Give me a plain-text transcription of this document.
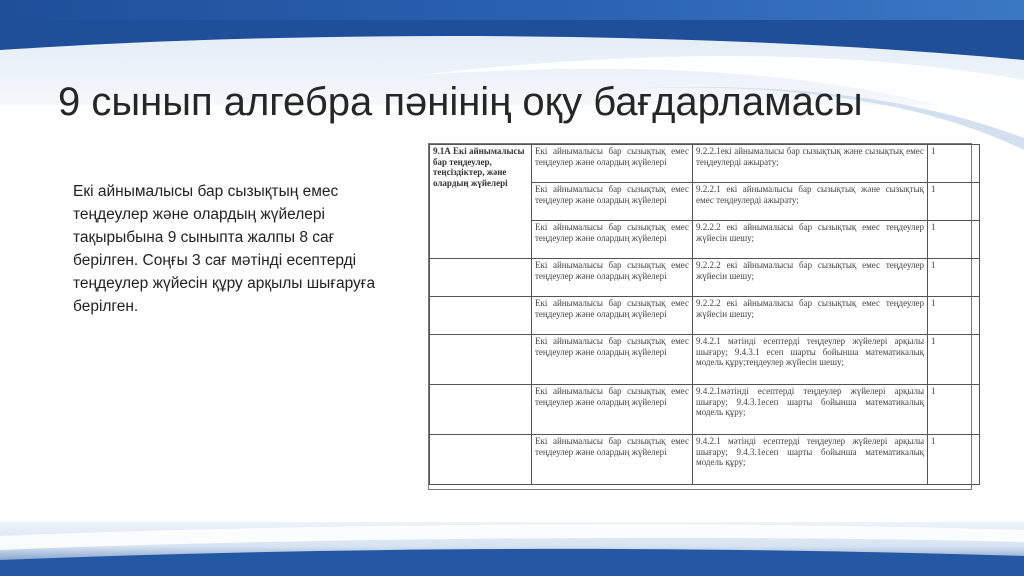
9 сынып алгебра пәнінің оқу бағдарламасы
Екі айнымалысы бар сызықтың емес теңдеулер және олардың жүйелері тақырыбына 9 сыныпта жалпы 8 сағ берілген. Соңғы 3 сағ мәтінді есептерді теңдеулер жүйесін құру арқылы шығаруға берілген.
9.1А Екі айнымалысы бар теңдеулер, теңсіздіктер, және олардың жүйелері	Екі айнымалысы бар сызықтық емес теңдеулер және олардың жүйелері	9.2.2.1екі айнымалысы бар сызықтық және сызықтық емес теңдеулерді ажырату;	1
	Екі айнымалысы бар сызықтық емес теңдеулер және олардың жүйелері	9.2.2.1 екі айнымалысы бар сызықтық және сызықтық емес теңдеулерді ажырату;	1
	Екі айнымалысы бар сызықтық емес теңдеулер және олардың жүйелері	9.2.2.2 екі айнымалысы бар сызықтық емес теңдеулер жүйесін шешу;	1
	Екі айнымалысы бар сызықтық емес теңдеулер және олардың жүйелері	9.2.2.2 екі айнымалысы бар сызықтық емес теңдеулер жүйесін шешу;	1
	Екі айнымалысы бар сызықтық емес теңдеулер және олардың жүйелері	9.2.2.2 екі айнымалысы бар сызықтық емес теңдеулер жүйесін шешу;	1
	Екі айнымалысы бар сызықтық емес теңдеулер және олардың жүйелері	9.4.2.1 мәтінді есептерді теңдеулер жүйелері арқылы шығару; 9.4.3.1 есеп шарты бойынша математикалық модель құру;теңдеулер жүйесін шешу;	1
	Екі айнымалысы бар сызықтық емес теңдеулер және олардың жүйелері	9.4.2.1мәтінді есептерді теңдеулер жүйелері арқылы шығару; 9.4.3.1есеп шарты бойынша математикалық модель құру;	1
	Екі айнымалысы бар сызықтық емес теңдеулер және олардың жүйелері	9.4.2.1 мәтінді есептерді теңдеулер жүйелері арқылы шығару; 9.4.3.1есеп шарты бойынша математикалық модель құру;	1
